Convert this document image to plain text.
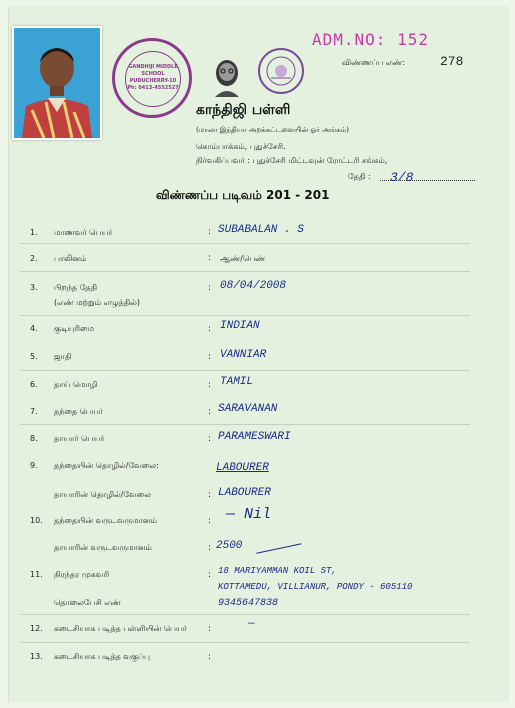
GANDHIJI MIDDLE SCHOOL PUDUCHERRY-10 Ph: 0413-4552527
ADM.NO: 152
விண்ணப்ப எண்:	278
காந்திஜி பள்ளி
(மாலா இந்தியா அறக்கட்டளையின் ஓர் அங்கம்)
கொம்பாக்கம், புதுச்சேரி.
நிர்வகிப்பவர் : புதுச்சேரி மிட்டவுன் ரோட்டரி சங்கம்,
தேதி :	3/8
விண்ணப்ப படிவம் 201 - 201
1. மாணவர் பெயர்	: SUBABALAN . S
2. பாலினம்	: ஆண்/பெண்
3. பிறந்த தேதி
(எண் மற்றும் எழுத்தில்)
: 08/04/2008
4. குடியுரிமை	: INDIAN
5. ஜாதி	: VANNIAR
6. தாய் மொழி	: TAMIL
7. தந்தை பெயர்	: SARAVANAN
8. தாயார் பெயர்	: PARAMESWARI
9. தந்தையின் தொழில்/வேலை:	LABOURER
தாயாரின் தொழில்/வேலை	: LABOURER
10. தந்தையின் வருடவருமானம்	: — Nil
தாயாரின் வருடவருமானம்	: 2500
11. நிரந்தர முகவரி	: 18 MARIYAMMAN KOIL ST,
KOTTAMEDU, VILLIANUR, PONDY - 605110
தொலைபேசி எண்	9345647838
12. கடைசியாக படித்த பள்ளியின் பெயர் :	—
13. கடைசியாக படித்த வகுப்பு	:
